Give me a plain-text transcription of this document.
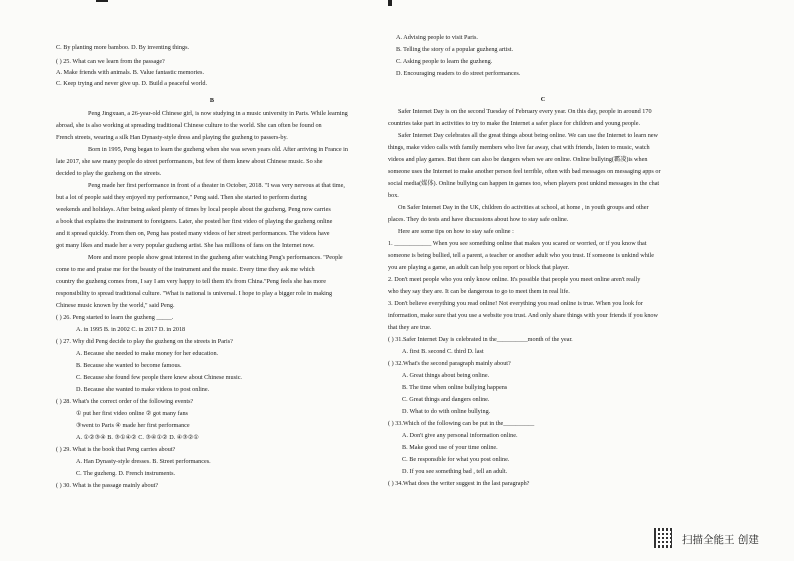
C. By planting more bamboo. D. By inventing things.
( ) 25. What can we learn from the passage?
A. Make friends with animals. B. Value fantastic memories.
C. Keep trying and never give up. D. Build a peaceful world.
B
Peng Jingxuan, a 26-year-old Chinese girl, is now studying in a music university in Paris. While learning
abroad, she is also working at spreading traditional Chinese culture to the world. She can often be found on
French streets, wearing a silk Han Dynasty-style dress and playing the guzheng to passers-by.
Born in 1995, Peng began to learn the guzheng when she was seven years old. After arriving in France in
late 2017, she saw many people do street performances, but few of them knew about Chinese music. So she
decided to play the guzheng on the streets.
Peng made her first performance in front of a theater in October, 2018. "I was very nervous at that time,
but a lot of people said they enjoyed my performance," Peng said. Then she started to perform during
weekends and holidays. After being asked plenty of times by local people about the guzheng, Peng now carries
a book that explains the instrument to foreigners. Later, she posted her first video of playing the guzheng online
and it spread quickly. From then on, Peng has posted many videos of her street performances. The videos have
got many likes and made her a very popular guzheng artist. She has millions of fans on the Internet now.
More and more people show great interest in the guzheng after watching Peng's performances. "People
come to me and praise me for the beauty of the instrument and the music. Every time they ask me which
country the guzheng comes from, I say I am very happy to tell them it's from China."Peng feels she has more
responsibility to spread traditional culture. "What is national is universal. I hope to play a bigger role in making
Chinese music known by the world," said Peng.
( ) 26. Peng started to learn the guzheng _____.
A. in 1995 B. in 2002 C. in 2017 D. in 2018
( ) 27. Why did Peng decide to play the guzheng on the streets in Paris?
A. Because she needed to make money for her education.
B. Because she wanted to become famous.
C. Because she found few people there knew about Chinese music.
D. Because she wanted to make videos to post online.
( ) 28. What's the correct order of the following events?
① put her first video online ② got many fans
③went to Paris ④ made her first performance
A. ①②③④ B. ③①④② C. ③④①② D. ④③②①
( ) 29. What is the book that Peng carries about?
A. Han Dynasty-style dresses. B. Street performances.
C. The guzheng. D. French instruments.
( ) 30. What is the passage mainly about?
A. Advising people to visit Paris.
B. Telling the story of a popular guzheng artist.
C. Asking people to learn the guzheng.
D. Encouraging readers to do street performances.
C
Safer Internet Day is on the second Tuesday of February every year. On this day, people in around 170
countries take part in activities to try to make the Internet a safer place for children and young people.
Safer Internet Day celebrates all the great things about being online. We can use the Internet to learn new
things, make video calls with family members who live far away, chat with friends, listen to music, watch
videos and play games. But there can also be dangers when we are online. Online bullying(霸凌)is when
someone uses the Internet to make another person feel terrible, often with bad messages on messaging apps or
social media(媒体). Online bullying can happen in games too, when players post unkind messages in the chat
box.
On Safer Internet Day in the UK, children do activities at school, at home , in youth groups and other
places. They do tests and have discussions about how to stay safe online.
Here are some tips on how to stay safe online :
1. ____________ When you see something online that makes you scared or worried, or if you know that
someone is being bullied, tell a parent, a teacher or another adult who you trust. If someone is unkind while
you are playing a game, an adult can help you report or block that player.
2. Don't meet people who you only know online. It's possible that people you meet online aren't really
who they say they are. It can be dangerous to go to meet them in real life.
3. Don't believe everything you read online! Not everything you read online is true. When you look for
information, make sure that you use a website you trust. And only share things with your friends if you know
that they are true.
( ) 31.Safer Internet Day is celebrated in the__________month of the year.
A. first B. second C. third D. last
( ) 32.What's the second paragraph mainly about?
A. Great things about being online.
B. The time when online bullying happens
C. Great things and dangers online.
D. What to do with online bullying.
( ) 33.Which of the following can be put in the__________
A. Don't give any personal information online.
B. Make good use of your time online.
C. Be responsible for what you post online.
D. If you see something bad , tell an adult.
( ) 34.What does the writer suggest in the last paragraph?
扫描全能王 创建
